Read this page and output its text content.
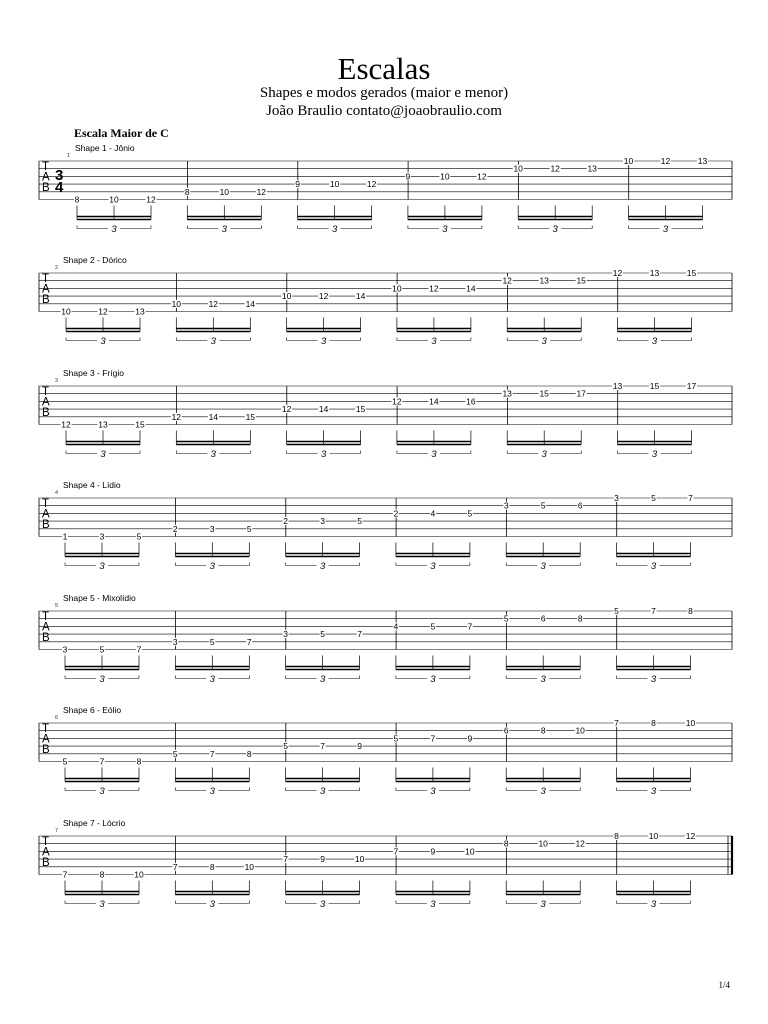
Escalas
Shapes e modos gerados (maior e menor)
João Braulio contato@joaobraulio.com
Escala Maior de C
T
A
B
3
4
1
Shape 1 - Jônio
3
8	10	12
3
8	10	12
3
9	10	12
3
9	10	12
3
10	12	13
3
10	12	13
T
A
B
2
Shape 2 - Dórico
3
10	12	13
3
10	12	14
3
10	12	14
3
10	12	14
3
12	13	15
3
12	13	15
T
A
B
3
Shape 3 - Frígio
3
12	13	15
3
12	14	15
3
12	14	15
3
12	14	16
3
13	15	17
3
13	15	17
T
A
B
4
Shape 4 - Lídio
3
1	3	5
3
2	3	5
3
2	3	5
3
2	4	5
3
3	5	6
3
3	5	7
T
A
B
5
Shape 5 - Mixolídio
3
3	5	7
3
3	5	7
3
3	5	7
3
4	5	7
3
5	6	8
3
5	7	8
T
A
B
6
Shape 6 - Eólio
3
5	7	8
3
5	7	8
3
5	7	9
3
5	7	9
3
6	8	10
3
7	8	10
T
A
B
7
Shape 7 - Lócrio
3
7	8	10
3
7	8	10
3
7	9	10
3
7	9	10
3
8	10	12
3
8	10	12
1/4
